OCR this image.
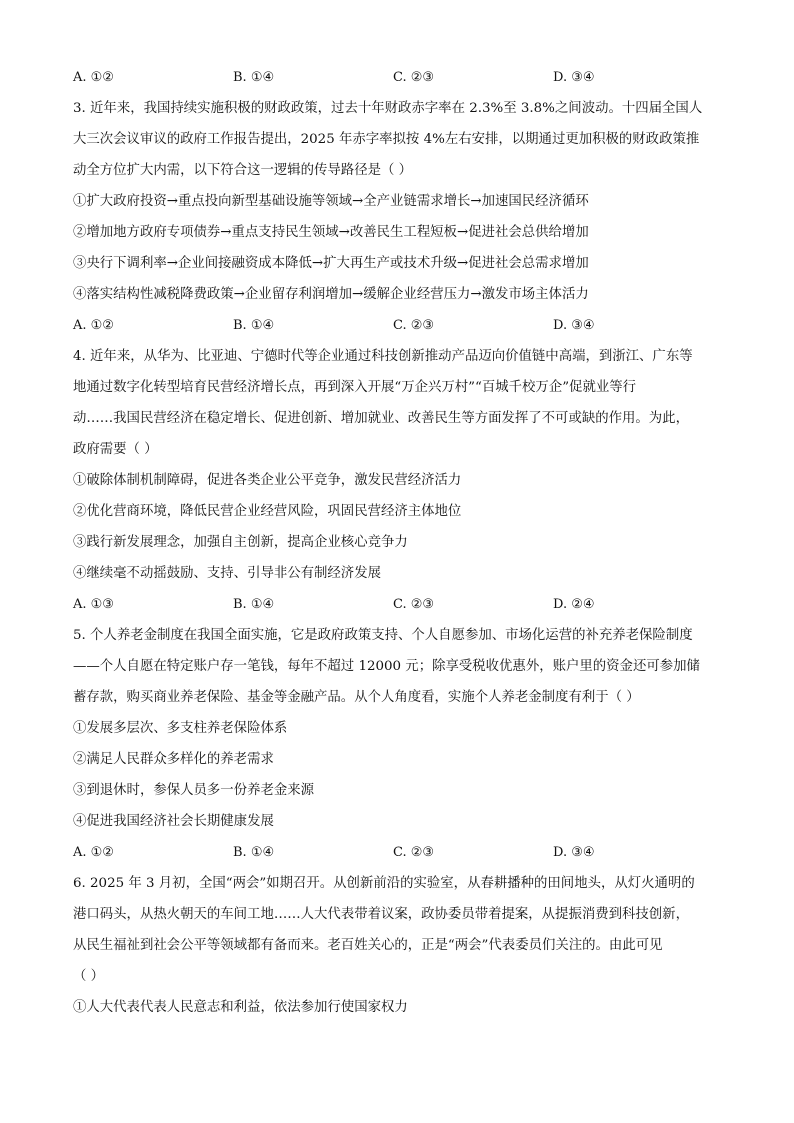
A. ①②	B. ①④	C. ②③	D. ③④
3. 近年来，我国持续实施积极的财政政策，过去十年财政赤字率在 2.3%至 3.8%之间波动。十四届全国人
大三次会议审议的政府工作报告提出，2025 年赤字率拟按 4%左右安排，以期通过更加积极的财政政策推
动全方位扩大内需，以下符合这一逻辑的传导路径是（ ）
①扩大政府投资→重点投向新型基础设施等领域→全产业链需求增长→加速国民经济循环
②增加地方政府专项债券→重点支持民生领域→改善民生工程短板→促进社会总供给增加
③央行下调利率→企业间接融资成本降低→扩大再生产或技术升级→促进社会总需求增加
④落实结构性减税降费政策→企业留存利润增加→缓解企业经营压力→激发市场主体活力
A. ①②	B. ①④	C. ②③	D. ③④
4. 近年来，从华为、比亚迪、宁德时代等企业通过科技创新推动产品迈向价值链中高端，到浙江、广东等
地通过数字化转型培育民营经济增长点，再到深入开展“万企兴万村”“百城千校万企”促就业等行
动……我国民营经济在稳定增长、促进创新、增加就业、改善民生等方面发挥了不可或缺的作用。为此，
政府需要（ ）
①破除体制机制障碍，促进各类企业公平竞争，激发民营经济活力
②优化营商环境，降低民营企业经营风险，巩固民营经济主体地位
③践行新发展理念，加强自主创新，提高企业核心竞争力
④继续毫不动摇鼓励、支持、引导非公有制经济发展
A. ①③	B. ①④	C. ②③	D. ②④
5. 个人养老金制度在我国全面实施，它是政府政策支持、个人自愿参加、市场化运营的补充养老保险制度
——个人自愿在特定账户存一笔钱，每年不超过 12000 元；除享受税收优惠外，账户里的资金还可参加储
蓄存款，购买商业养老保险、基金等金融产品。从个人角度看，实施个人养老金制度有利于（ ）
①发展多层次、多支柱养老保险体系
②满足人民群众多样化的养老需求
③到退休时，参保人员多一份养老金来源
④促进我国经济社会长期健康发展
A. ①②	B. ①④	C. ②③	D. ③④
6. 2025 年 3 月初，全国“两会”如期召开。从创新前沿的实验室，从春耕播种的田间地头，从灯火通明的
港口码头，从热火朝天的车间工地……人大代表带着议案，政协委员带着提案，从提振消费到科技创新，
从民生福祉到社会公平等领域都有备而来。老百姓关心的，正是“两会”代表委员们关注的。由此可见
（ ）
①人大代表代表人民意志和利益，依法参加行使国家权力
